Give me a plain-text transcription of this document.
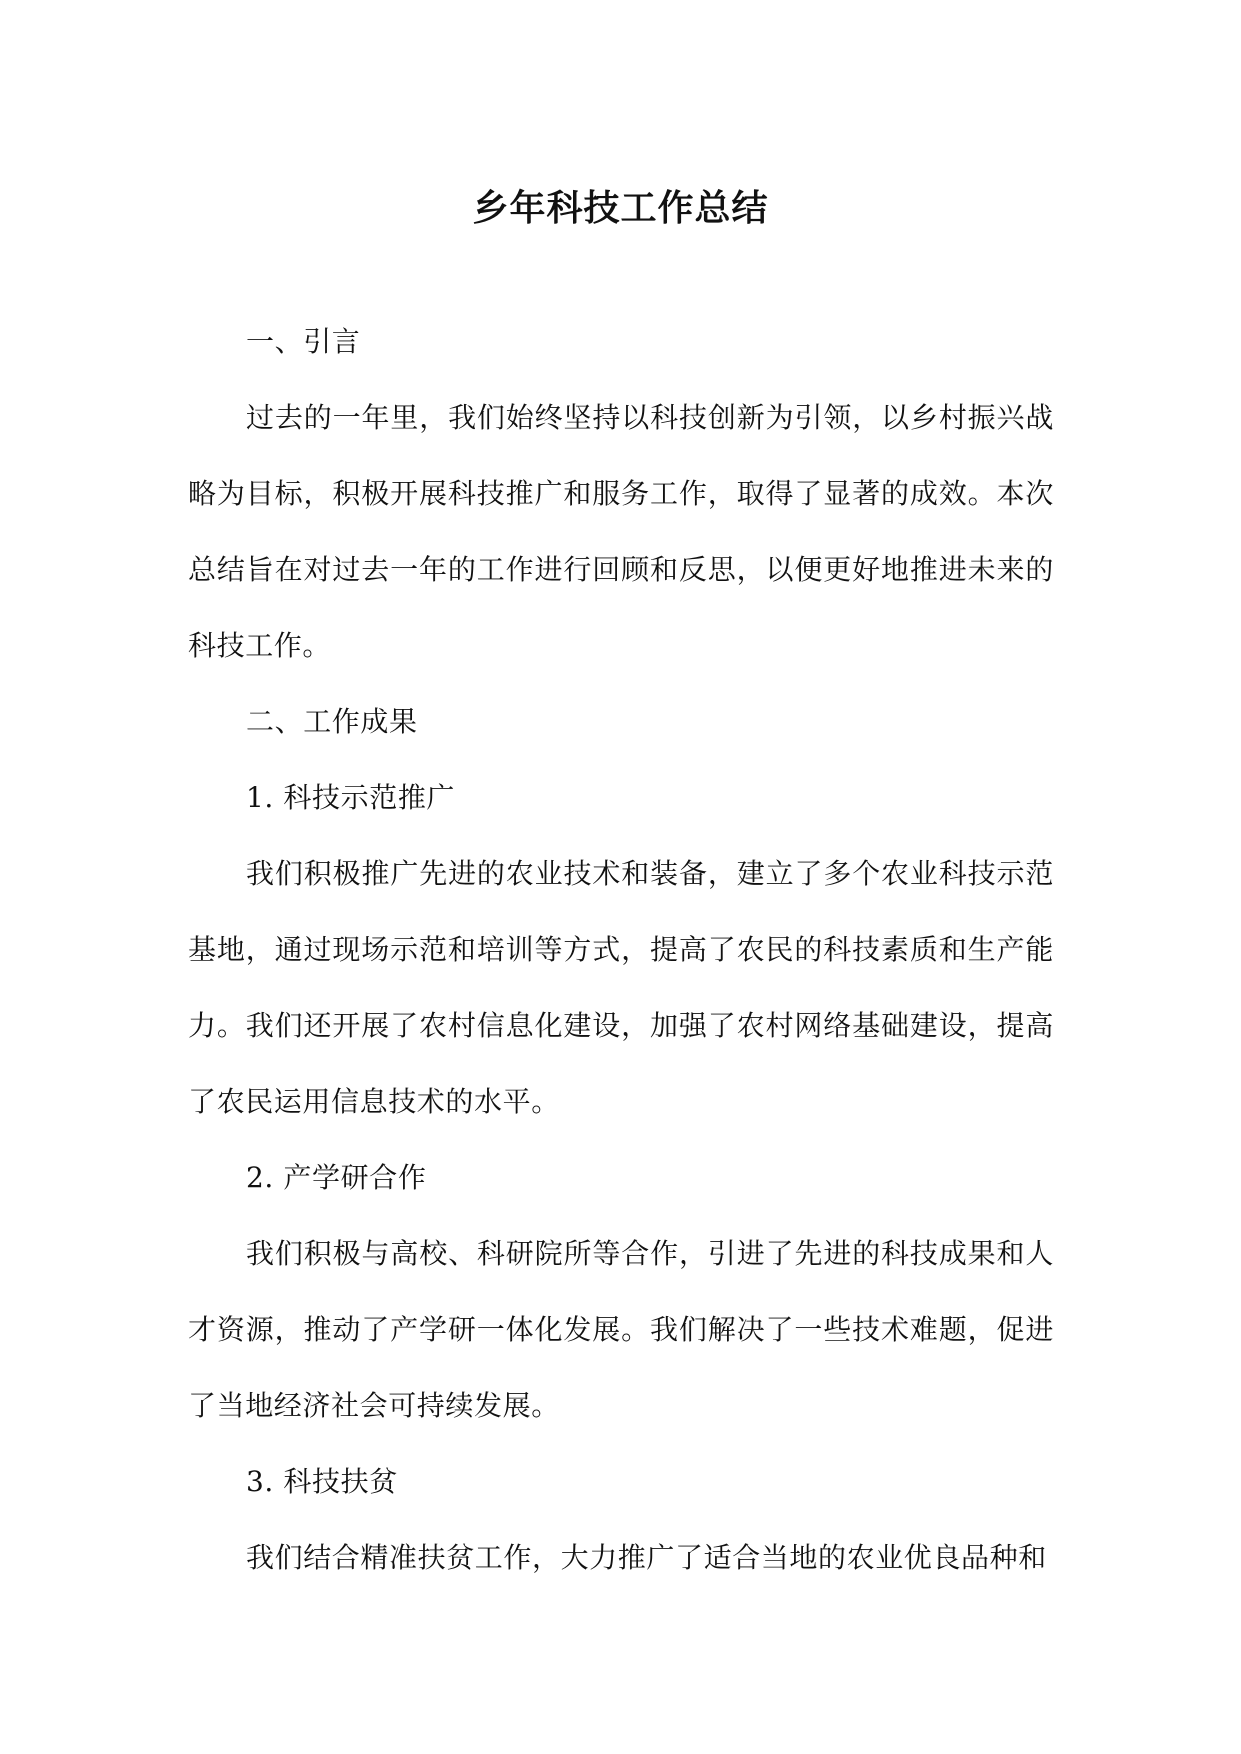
乡年科技工作总结

一、引言

过去的一年里，我们始终坚持以科技创新为引领，以乡村振兴战略为目标，积极开展科技推广和服务工作，取得了显著的成效。本次总结旨在对过去一年的工作进行回顾和反思，以便更好地推进未来的科技工作。

二、工作成果

1. 科技示范推广

我们积极推广先进的农业技术和装备，建立了多个农业科技示范基地，通过现场示范和培训等方式，提高了农民的科技素质和生产能力。我们还开展了农村信息化建设，加强了农村网络基础建设，提高了农民运用信息技术的水平。

2. 产学研合作

我们积极与高校、科研院所等合作，引进了先进的科技成果和人才资源，推动了产学研一体化发展。我们解决了一些技术难题，促进了当地经济社会可持续发展。

3. 科技扶贫

我们结合精准扶贫工作，大力推广了适合当地的农业优良品种和
